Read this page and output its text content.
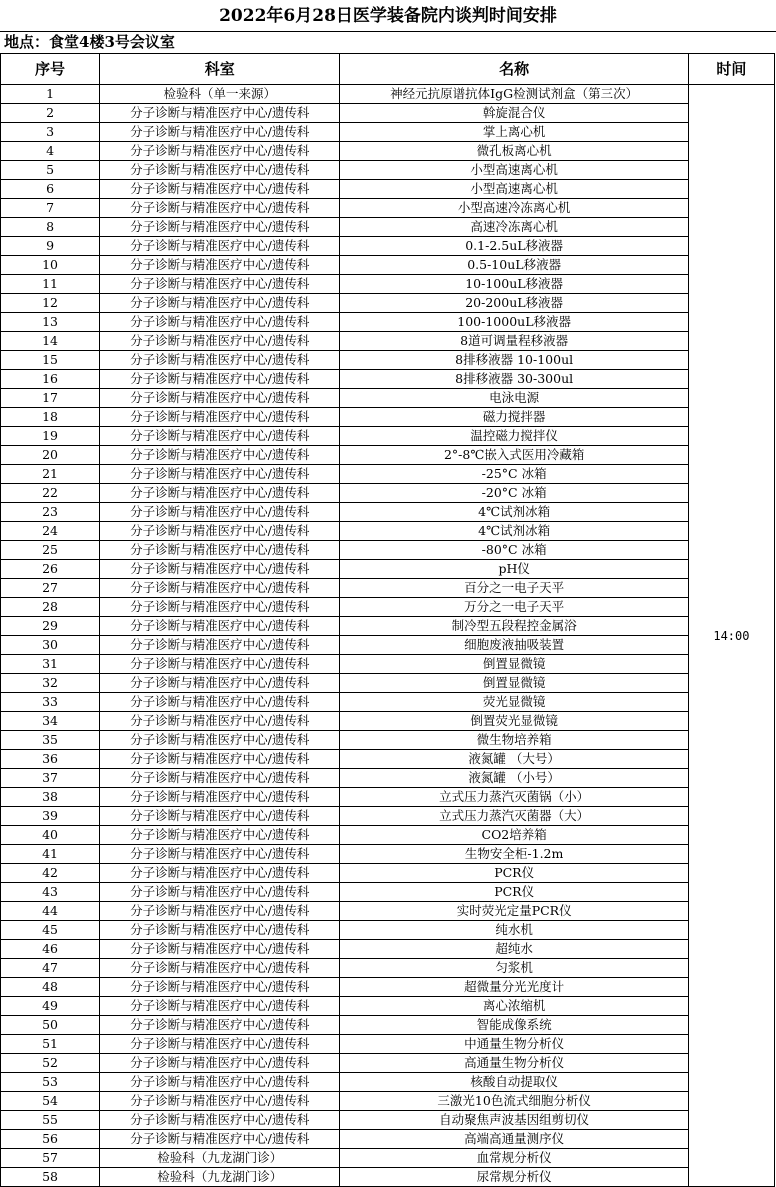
2022年6月28日医学装备院内谈判时间安排
地点：食堂4楼3号会议室
序号	科室	名称	时间
1	检验科（单一来源）	神经元抗原谱抗体IgG检测试剂盒（第三次）	14:00
2	分子诊断与精准医疗中心/遗传科	斡旋混合仪	
3	分子诊断与精准医疗中心/遗传科	掌上离心机	
4	分子诊断与精准医疗中心/遗传科	微孔板离心机	
5	分子诊断与精准医疗中心/遗传科	小型高速离心机	
6	分子诊断与精准医疗中心/遗传科	小型高速离心机	
7	分子诊断与精准医疗中心/遗传科	小型高速冷冻离心机	
8	分子诊断与精准医疗中心/遗传科	高速冷冻离心机	
9	分子诊断与精准医疗中心/遗传科	0.1-2.5uL移液器	
10	分子诊断与精准医疗中心/遗传科	0.5-10uL移液器	
11	分子诊断与精准医疗中心/遗传科	10-100uL移液器	
12	分子诊断与精准医疗中心/遗传科	20-200uL移液器	
13	分子诊断与精准医疗中心/遗传科	100-1000uL移液器	
14	分子诊断与精准医疗中心/遗传科	8道可调量程移液器	
15	分子诊断与精准医疗中心/遗传科	8排移液器 10-100ul	
16	分子诊断与精准医疗中心/遗传科	8排移液器 30-300ul	
17	分子诊断与精准医疗中心/遗传科	电泳电源	
18	分子诊断与精准医疗中心/遗传科	磁力搅拌器	
19	分子诊断与精准医疗中心/遗传科	温控磁力搅拌仪	
20	分子诊断与精准医疗中心/遗传科	2°-8℃嵌入式医用冷藏箱	
21	分子诊断与精准医疗中心/遗传科	-25°C 冰箱	
22	分子诊断与精准医疗中心/遗传科	-20°C 冰箱	
23	分子诊断与精准医疗中心/遗传科	4℃试剂冰箱	
24	分子诊断与精准医疗中心/遗传科	4℃试剂冰箱	
25	分子诊断与精准医疗中心/遗传科	-80°C 冰箱	
26	分子诊断与精准医疗中心/遗传科	pH仪	
27	分子诊断与精准医疗中心/遗传科	百分之一电子天平	
28	分子诊断与精准医疗中心/遗传科	万分之一电子天平	
29	分子诊断与精准医疗中心/遗传科	制冷型五段程控金属浴	
30	分子诊断与精准医疗中心/遗传科	细胞废液抽吸装置	
31	分子诊断与精准医疗中心/遗传科	倒置显微镜	
32	分子诊断与精准医疗中心/遗传科	倒置显微镜	
33	分子诊断与精准医疗中心/遗传科	荧光显微镜	
34	分子诊断与精准医疗中心/遗传科	倒置荧光显微镜	
35	分子诊断与精准医疗中心/遗传科	微生物培养箱	
36	分子诊断与精准医疗中心/遗传科	液氮罐 （大号）	
37	分子诊断与精准医疗中心/遗传科	液氮罐 （小号）	
38	分子诊断与精准医疗中心/遗传科	立式压力蒸汽灭菌锅（小）	
39	分子诊断与精准医疗中心/遗传科	立式压力蒸汽灭菌器（大）	
40	分子诊断与精准医疗中心/遗传科	CO2培养箱	
41	分子诊断与精准医疗中心/遗传科	生物安全柜-1.2m	
42	分子诊断与精准医疗中心/遗传科	PCR仪	
43	分子诊断与精准医疗中心/遗传科	PCR仪	
44	分子诊断与精准医疗中心/遗传科	实时荧光定量PCR仪	
45	分子诊断与精准医疗中心/遗传科	纯水机	
46	分子诊断与精准医疗中心/遗传科	超纯水	
47	分子诊断与精准医疗中心/遗传科	匀浆机	
48	分子诊断与精准医疗中心/遗传科	超微量分光光度计	
49	分子诊断与精准医疗中心/遗传科	离心浓缩机	
50	分子诊断与精准医疗中心/遗传科	智能成像系统	
51	分子诊断与精准医疗中心/遗传科	中通量生物分析仪	
52	分子诊断与精准医疗中心/遗传科	高通量生物分析仪	
53	分子诊断与精准医疗中心/遗传科	核酸自动提取仪	
54	分子诊断与精准医疗中心/遗传科	三激光10色流式细胞分析仪	
55	分子诊断与精准医疗中心/遗传科	自动聚焦声波基因组剪切仪	
56	分子诊断与精准医疗中心/遗传科	高端高通量测序仪	
57	检验科（九龙湖门诊）	血常规分析仪	
58	检验科（九龙湖门诊）	尿常规分析仪	
